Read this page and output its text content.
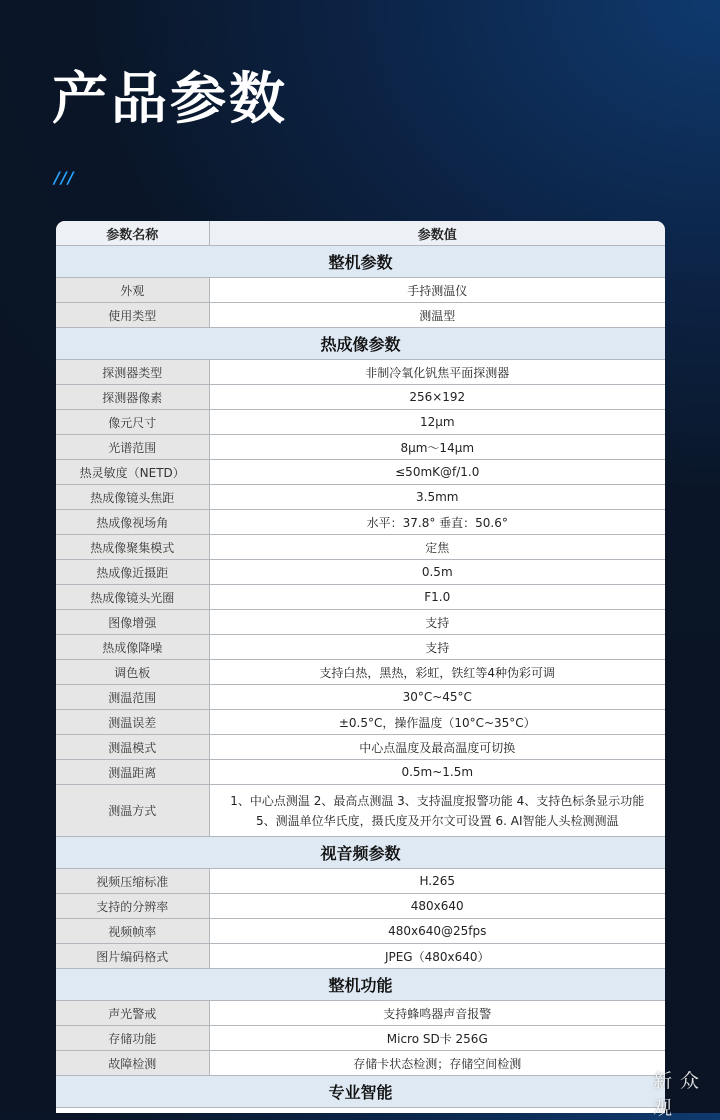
产品参数
///
参数名称	参数值
整机参数	
外观	手持测温仪
使用类型	测温型
热成像参数	
探测器类型	非制冷氧化钒焦平面探测器
探测器像素	256×192
像元尺寸	12μm
光谱范围	8μm～14μm
热灵敏度（NETD）	≤50mK@f/1.0
热成像镜头焦距	3.5mm
热成像视场角	水平：37.8° 垂直：50.6°
热成像聚集模式	定焦
热成像近摄距	0.5m
热成像镜头光圈	F1.0
图像增强	支持
热成像降噪	支持
调色板	支持白热，黑热，彩虹，铁红等4种伪彩可调
测温范围	30°C~45°C
测温误差	±0.5°C，操作温度（10°C~35°C）
测温模式	中心点温度及最高温度可切换
测温距离	0.5m~1.5m
测温方式	1、中心点测温 2、最高点测温 3、支持温度报警功能 4、支持色标条显示功能
5、测温单位华氏度，摄氏度及开尔文可设置 6. AI智能人头检测测温

视音频参数	
视频压缩标准	H.265
支持的分辨率	480x640
视频帧率	480x640@25fps
图片编码格式	JPEG（480x640）
整机功能	
声光警戒	支持蜂鸣器声音报警
存储功能	Micro SD卡 256G
故障检测	存储卡状态检测；存储空间检测
专业智能	
新 众观
